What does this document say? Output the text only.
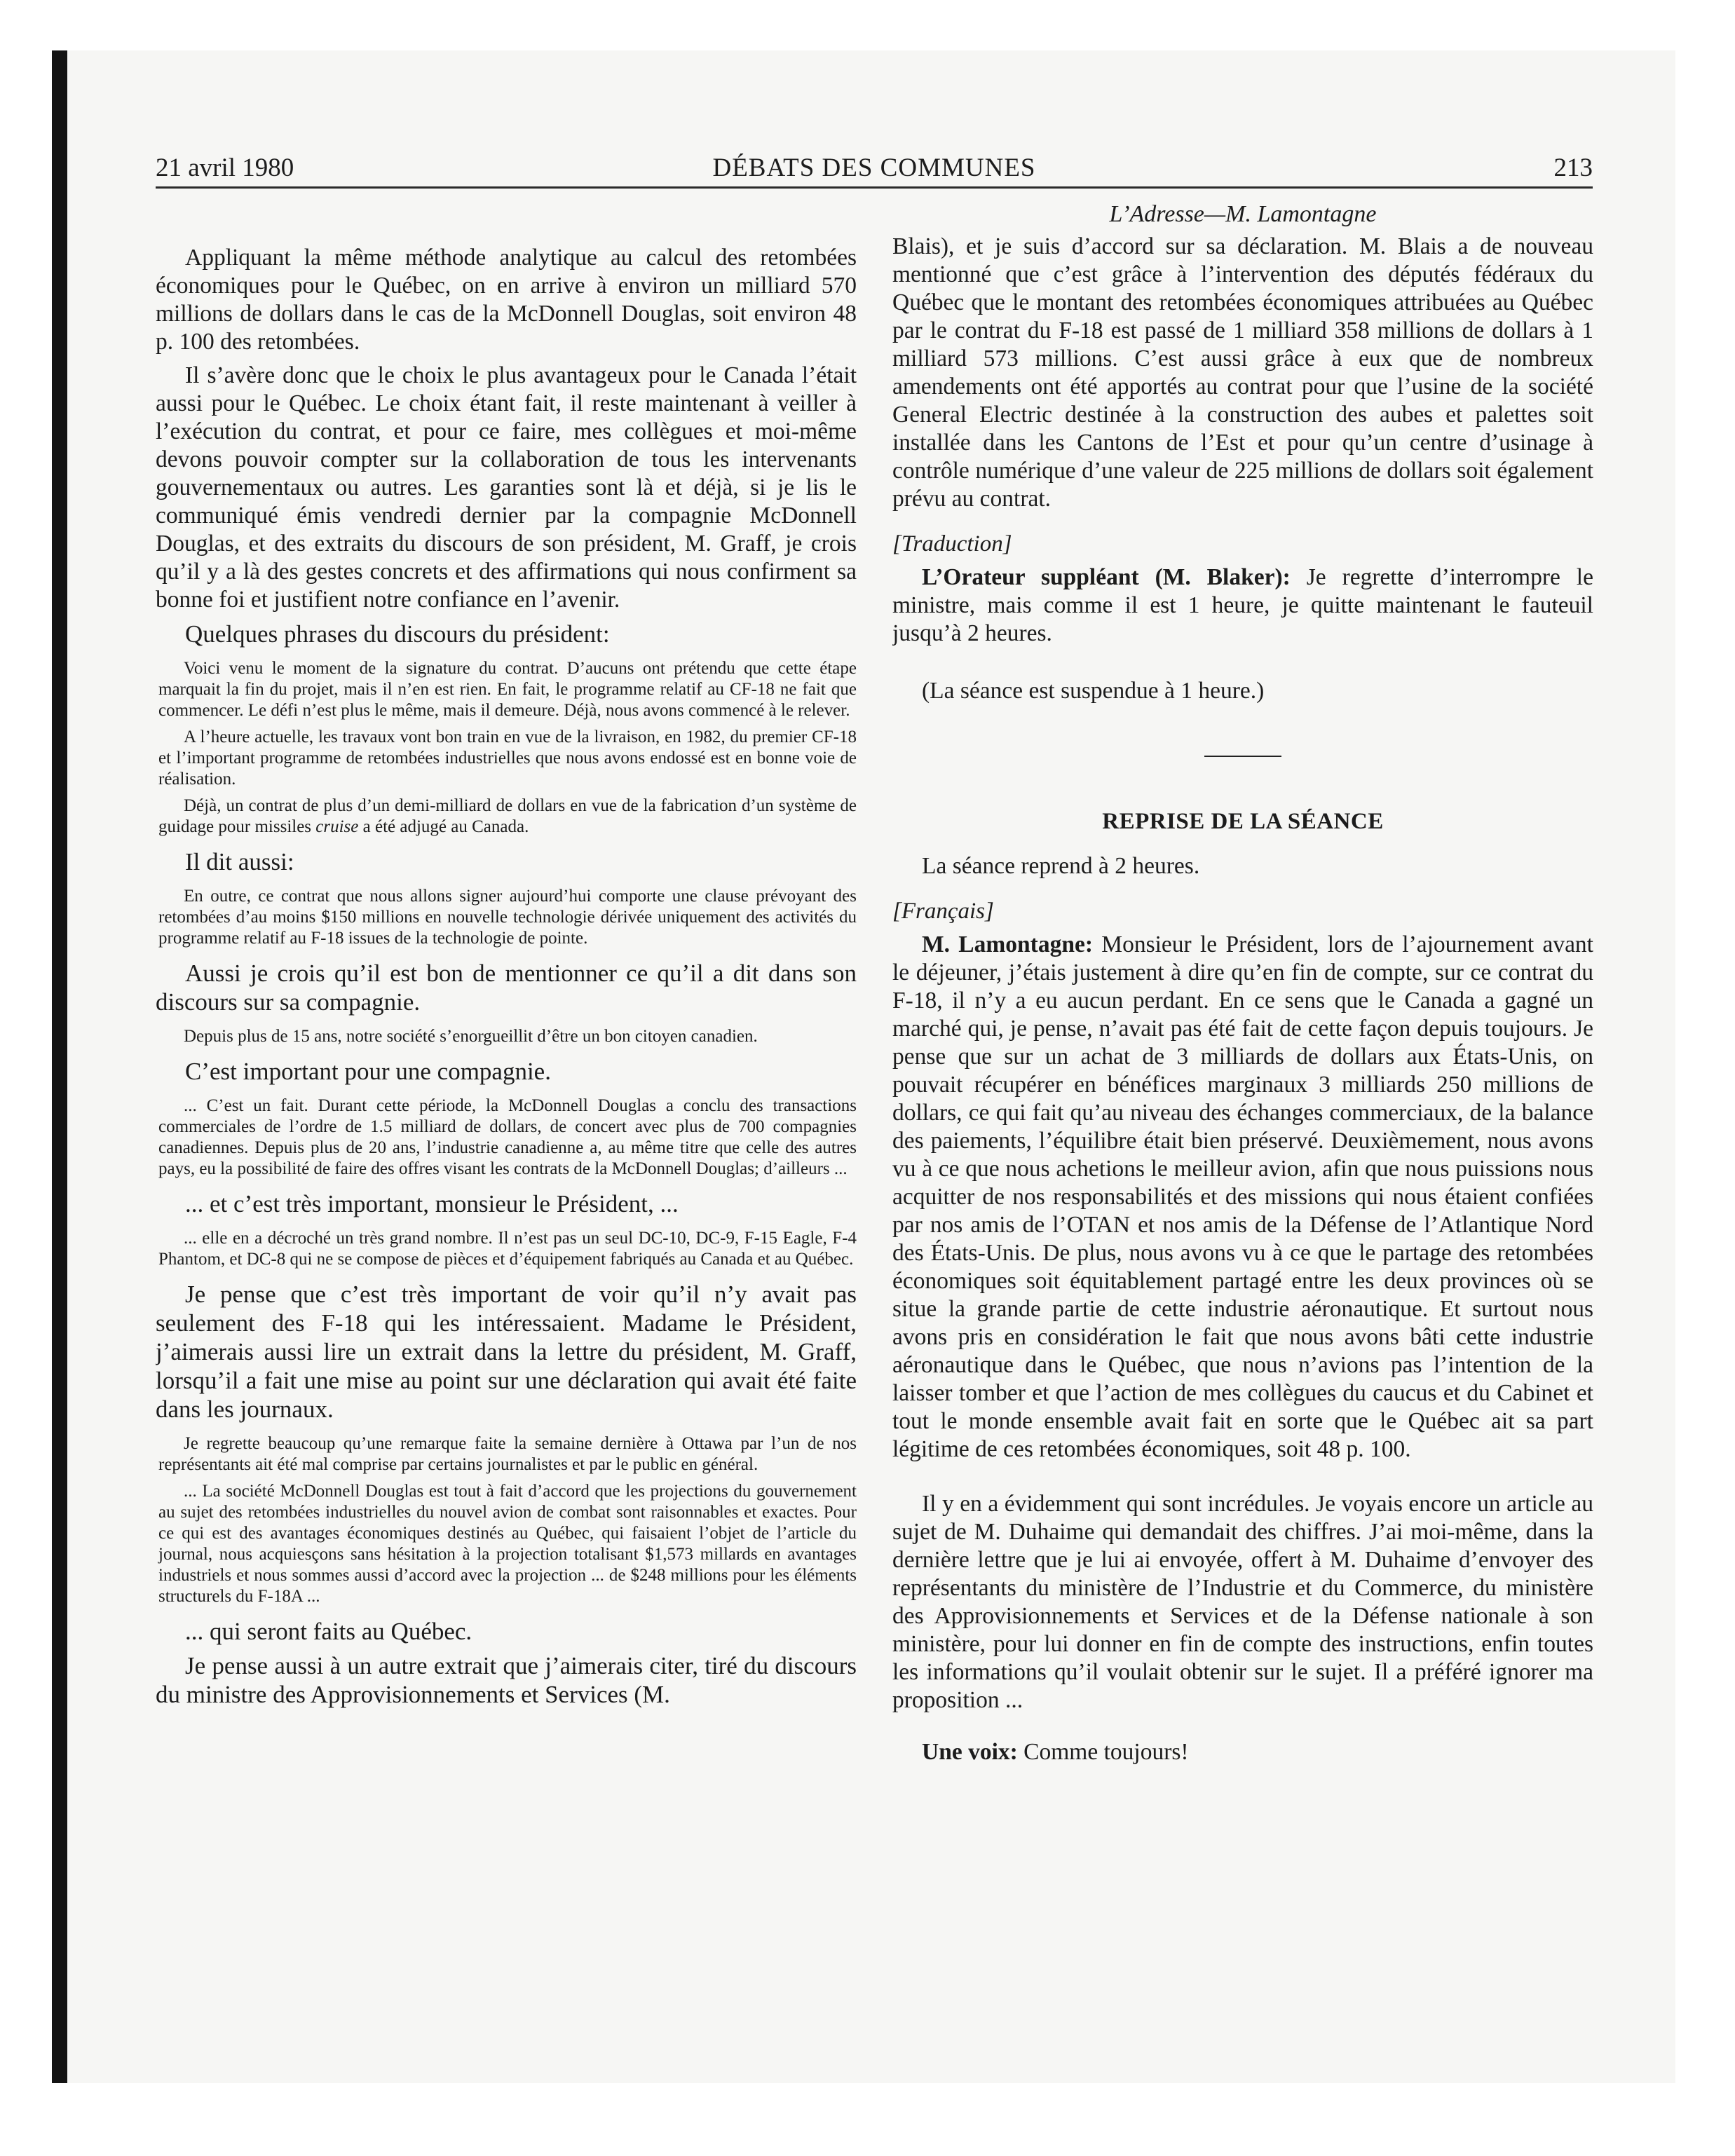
21 avril 1980	DÉBATS DES COMMUNES	213

Appliquant la même méthode analytique au calcul des retombées économiques pour le Québec, on en arrive à environ un milliard 570 millions de dollars dans le cas de la McDonnell Douglas, soit environ 48 p. 100 des retombées.

Il s’avère donc que le choix le plus avantageux pour le Canada l’était aussi pour le Québec. Le choix étant fait, il reste maintenant à veiller à l’exécution du contrat, et pour ce faire, mes collègues et moi-même devons pouvoir compter sur la collaboration de tous les intervenants gouvernementaux ou autres. Les garanties sont là et déjà, si je lis le communiqué émis vendredi dernier par la compagnie McDonnell Douglas, et des extraits du discours de son président, M. Graff, je crois qu’il y a là des gestes concrets et des affirmations qui nous confirment sa bonne foi et justifient notre confiance en l’avenir.

Quelques phrases du discours du président:

Voici venu le moment de la signature du contrat. D’aucuns ont prétendu que cette étape marquait la fin du projet, mais il n’en est rien. En fait, le programme relatif au CF-18 ne fait que commencer. Le défi n’est plus le même, mais il demeure. Déjà, nous avons commencé à le relever.

A l’heure actuelle, les travaux vont bon train en vue de la livraison, en 1982, du premier CF-18 et l’important programme de retombées industrielles que nous avons endossé est en bonne voie de réalisation.

Déjà, un contrat de plus d’un demi-milliard de dollars en vue de la fabrication d’un système de guidage pour missiles cruise a été adjugé au Canada.

Il dit aussi:

En outre, ce contrat que nous allons signer aujourd’hui comporte une clause prévoyant des retombées d’au moins $150 millions en nouvelle technologie dérivée uniquement des activités du programme relatif au F-18 issues de la technologie de pointe.

Aussi je crois qu’il est bon de mentionner ce qu’il a dit dans son discours sur sa compagnie.

Depuis plus de 15 ans, notre société s’enorgueillit d’être un bon citoyen canadien.

C’est important pour une compagnie.

... C’est un fait. Durant cette période, la McDonnell Douglas a conclu des transactions commerciales de l’ordre de 1.5 milliard de dollars, de concert avec plus de 700 compagnies canadiennes. Depuis plus de 20 ans, l’industrie canadienne a, au même titre que celle des autres pays, eu la possibilité de faire des offres visant les contrats de la McDonnell Douglas; d’ailleurs ...

... et c’est très important, monsieur le Président, ...

... elle en a décroché un très grand nombre. Il n’est pas un seul DC-10, DC-9, F-15 Eagle, F-4 Phantom, et DC-8 qui ne se compose de pièces et d’équipement fabriqués au Canada et au Québec.

Je pense que c’est très important de voir qu’il n’y avait pas seulement des F-18 qui les intéressaient. Madame le Président, j’aimerais aussi lire un extrait dans la lettre du président, M. Graff, lorsqu’il a fait une mise au point sur une déclaration qui avait été faite dans les journaux.

Je regrette beaucoup qu’une remarque faite la semaine dernière à Ottawa par l’un de nos représentants ait été mal comprise par certains journalistes et par le public en général.

... La société McDonnell Douglas est tout à fait d’accord que les projections du gouvernement au sujet des retombées industrielles du nouvel avion de combat sont raisonnables et exactes. Pour ce qui est des avantages économiques destinés au Québec, qui faisaient l’objet de l’article du journal, nous acquiesçons sans hésitation à la projection totalisant $1,573 millards en avantages industriels et nous sommes aussi d’accord avec la projection ... de $248 millions pour les éléments structurels du F-18A ...

... qui seront faits au Québec.

Je pense aussi à un autre extrait que j’aimerais citer, tiré du discours du ministre des Approvisionnements et Services (M.

L’Adresse—M. Lamontagne

Blais), et je suis d’accord sur sa déclaration. M. Blais a de nouveau mentionné que c’est grâce à l’intervention des députés fédéraux du Québec que le montant des retombées économiques attribuées au Québec par le contrat du F-18 est passé de 1 milliard 358 millions de dollars à 1 milliard 573 millions. C’est aussi grâce à eux que de nombreux amendements ont été apportés au contrat pour que l’usine de la société General Electric destinée à la construction des aubes et palettes soit installée dans les Cantons de l’Est et pour qu’un centre d’usinage à contrôle numérique d’une valeur de 225 millions de dollars soit également prévu au contrat.

[Traduction]

L’Orateur suppléant (M. Blaker): Je regrette d’interrompre le ministre, mais comme il est 1 heure, je quitte maintenant le fauteuil jusqu’à 2 heures.

(La séance est suspendue à 1 heure.)

REPRISE DE LA SÉANCE

La séance reprend à 2 heures.

[Français]

M. Lamontagne: Monsieur le Président, lors de l’ajournement avant le déjeuner, j’étais justement à dire qu’en fin de compte, sur ce contrat du F-18, il n’y a eu aucun perdant. En ce sens que le Canada a gagné un marché qui, je pense, n’avait pas été fait de cette façon depuis toujours. Je pense que sur un achat de 3 milliards de dollars aux États-Unis, on pouvait récupérer en bénéfices marginaux 3 milliards 250 millions de dollars, ce qui fait qu’au niveau des échanges commerciaux, de la balance des paiements, l’équilibre était bien préservé. Deuxièmement, nous avons vu à ce que nous achetions le meilleur avion, afin que nous puissions nous acquitter de nos responsabilités et des missions qui nous étaient confiées par nos amis de l’OTAN et nos amis de la Défense de l’Atlantique Nord des États-Unis. De plus, nous avons vu à ce que le partage des retombées économiques soit équitablement partagé entre les deux provinces où se situe la grande partie de cette industrie aéronautique. Et surtout nous avons pris en considération le fait que nous avons bâti cette industrie aéronautique dans le Québec, que nous n’avions pas l’intention de la laisser tomber et que l’action de mes collègues du caucus et du Cabinet et tout le monde ensemble avait fait en sorte que le Québec ait sa part légitime de ces retombées économiques, soit 48 p. 100.

Il y en a évidemment qui sont incrédules. Je voyais encore un article au sujet de M. Duhaime qui demandait des chiffres. J’ai moi-même, dans la dernière lettre que je lui ai envoyée, offert à M. Duhaime d’envoyer des représentants du ministère de l’Industrie et du Commerce, du ministère des Approvisionnements et Services et de la Défense nationale à son ministère, pour lui donner en fin de compte des instructions, enfin toutes les informations qu’il voulait obtenir sur le sujet. Il a préféré ignorer ma proposition ...

Une voix: Comme toujours!
